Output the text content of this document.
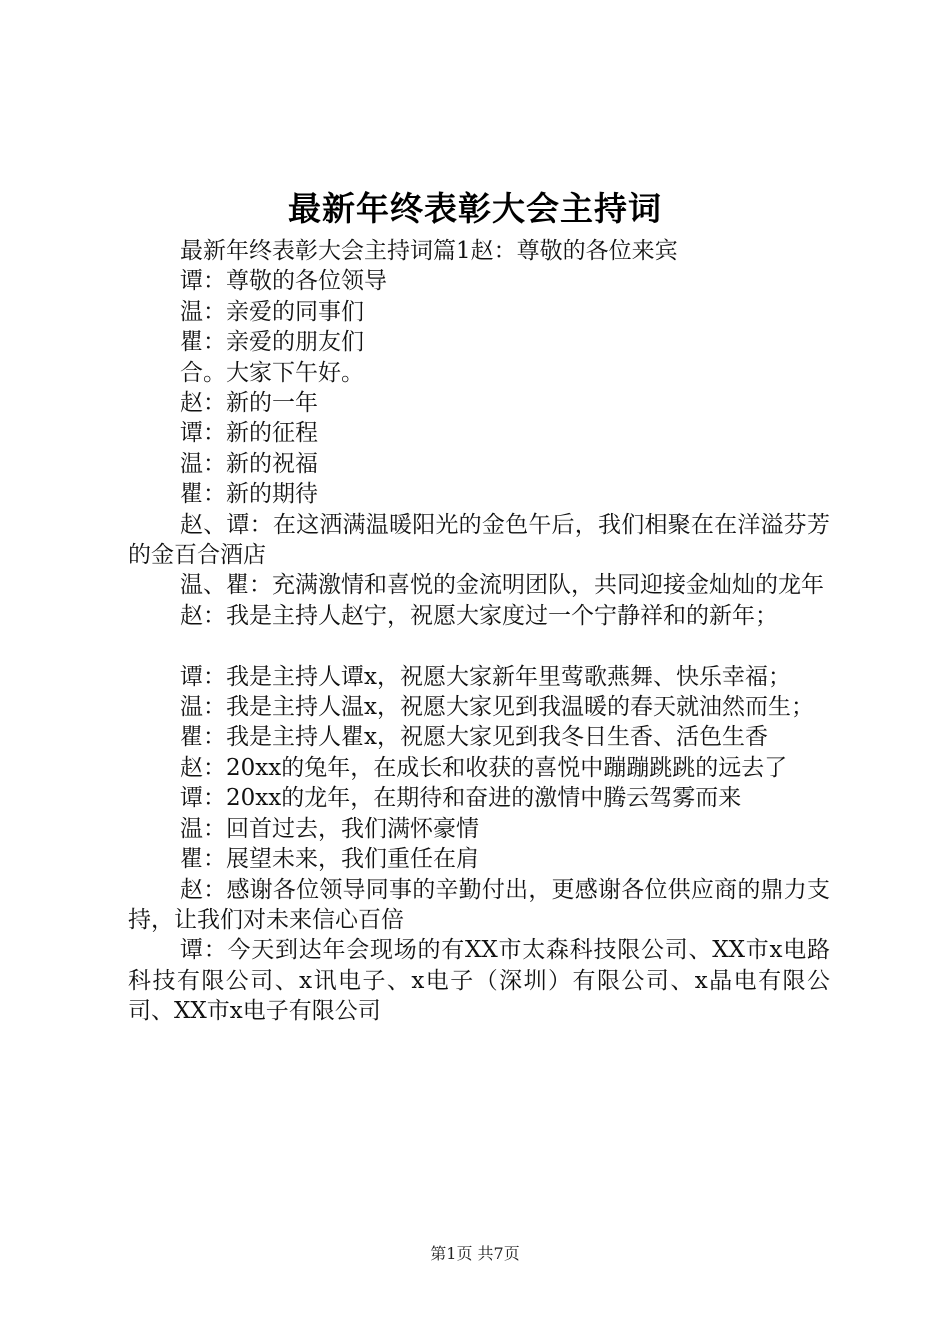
最新年终表彰大会主持词

最新年终表彰大会主持词篇1赵：尊敬的各位来宾

谭：尊敬的各位领导

温：亲爱的同事们

瞿：亲爱的朋友们

合。大家下午好。

赵：新的一年

谭：新的征程

温：新的祝福

瞿：新的期待

赵、谭：在这洒满温暖阳光的金色午后，我们相聚在在洋溢芬芳的金百合酒店

温、瞿：充满激情和喜悦的金流明团队，共同迎接金灿灿的龙年

赵：我是主持人赵宁，祝愿大家度过一个宁静祥和的新年；

谭：我是主持人谭x，祝愿大家新年里莺歌燕舞、快乐幸福；

温：我是主持人温x，祝愿大家见到我温暖的春天就油然而生；

瞿：我是主持人瞿x，祝愿大家见到我冬日生香、活色生香

赵：20xx的兔年，在成长和收获的喜悦中蹦蹦跳跳的远去了

谭：20xx的龙年，在期待和奋进的激情中腾云驾雾而来

温：回首过去，我们满怀豪情

瞿：展望未来，我们重任在肩

赵：感谢各位领导同事的辛勤付出，更感谢各位供应商的鼎力支持，让我们对未来信心百倍

谭：今天到达年会现场的有XX市太森科技限公司、XX市x电路科技有限公司、x讯电子、x电子（深圳）有限公司、x晶电有限公司、XX市x电子有限公司

第1页 共7页
